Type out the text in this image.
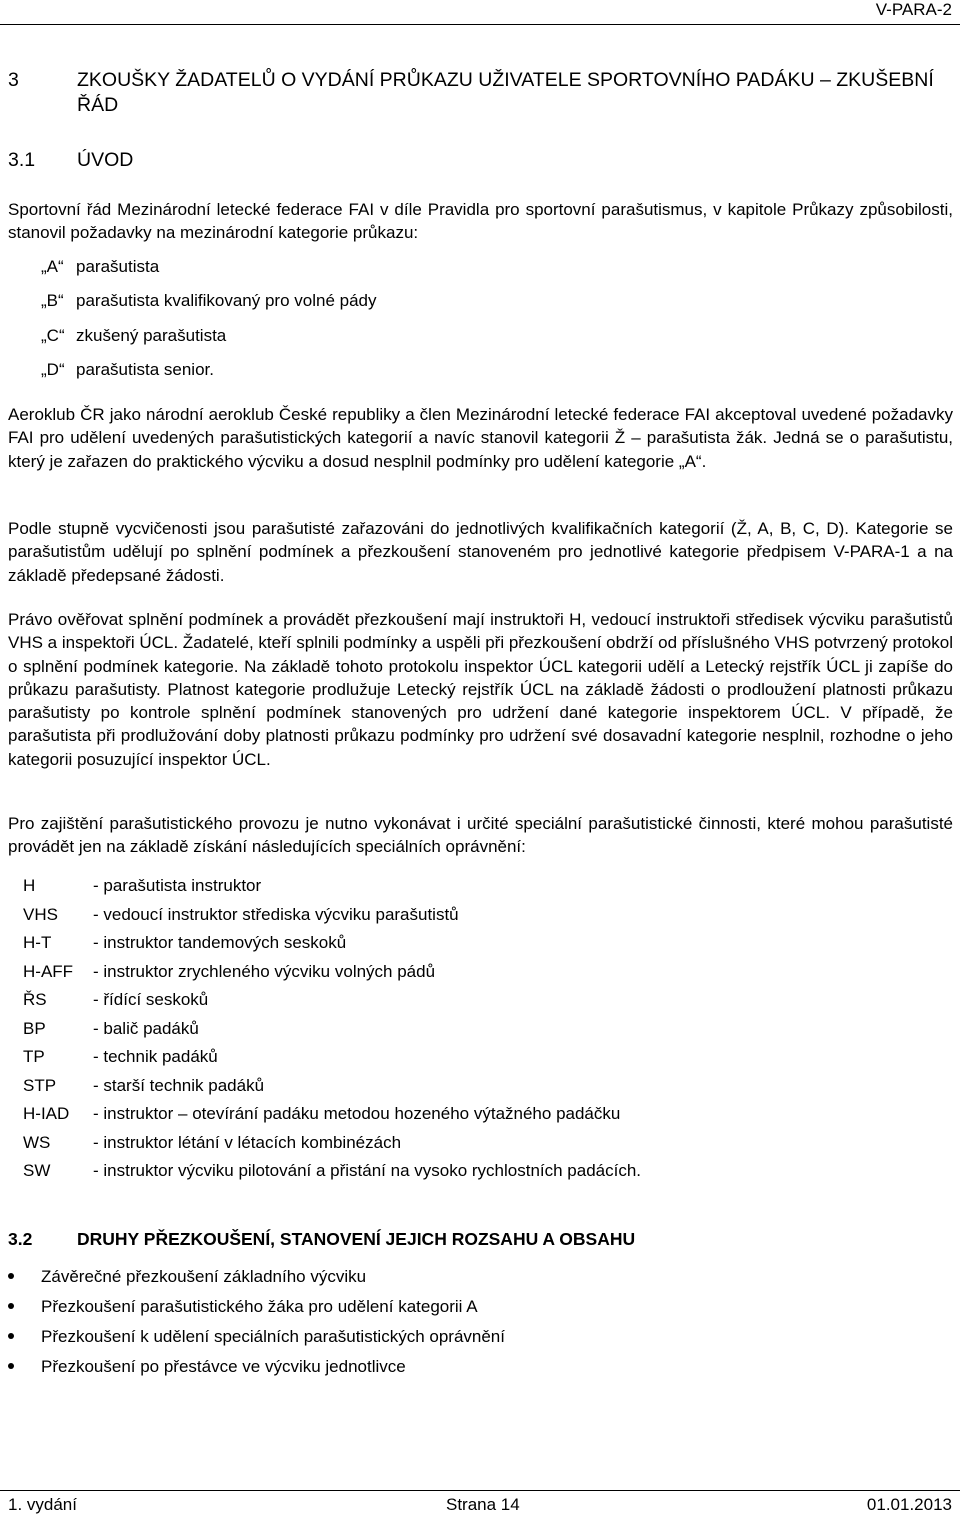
V-PARA-2
3	ZKOUŠKY ŽADATELŮ O VYDÁNÍ PRŮKAZU UŽIVATELE SPORTOVNÍHO PADÁKU – ZKUŠEBNÍ ŘÁD
3.1 ÚVOD
Sportovní řád Mezinárodní letecké federace FAI v díle Pravidla pro sportovní parašutismus, v kapitole Průkazy způsobilosti, stanovil požadavky na mezinárodní kategorie průkazu:
„A“ parašutista
„B“ parašutista kvalifikovaný pro volné pády
„C“ zkušený parašutista
„D“ parašutista senior.
Aeroklub ČR jako národní aeroklub České republiky a člen Mezinárodní letecké federace FAI akceptoval uvedené požadavky FAI pro udělení uvedených parašutistických kategorií a navíc stanovil kategorii Ž – parašutista žák. Jedná se o parašutistu, který je zařazen do praktického výcviku a dosud nesplnil podmínky pro udělení kategorie „A“.
Podle stupně vycvičenosti jsou parašutisté zařazováni do jednotlivých kvalifikačních kategorií (Ž, A, B, C, D). Kategorie se parašutistům udělují po splnění podmínek a přezkoušení stanoveném pro jednotlivé kategorie předpisem V-PARA-1 a na základě předepsané žádosti.
Právo ověřovat splnění podmínek a provádět přezkoušení mají instruktoři H, vedoucí instruktoři středisek výcviku parašutistů VHS a inspektoři ÚCL. Žadatelé, kteří splnili podmínky a uspěli při přezkoušení obdrží od příslušného VHS potvrzený protokol o splnění podmínek kategorie. Na základě tohoto protokolu inspektor ÚCL kategorii udělí a Letecký rejstřík ÚCL ji zapíše do průkazu parašutisty. Platnost kategorie prodlužuje Letecký rejstřík ÚCL na základě žádosti o prodloužení platnosti průkazu parašutisty po kontrole splnění podmínek stanovených pro udržení dané kategorie inspektorem ÚCL. V případě, že parašutista při prodlužování doby platnosti průkazu podmínky pro udržení své dosavadní kategorie nesplnil, rozhodne o jeho kategorii posuzující inspektor ÚCL.
Pro zajištění parašutistického provozu je nutno vykonávat i určité speciální parašutistické činnosti, které mohou parašutisté provádět jen na základě získání následujících speciálních oprávnění:
H	- parašutista instruktor
VHS - vedoucí instruktor střediska výcviku parašutistů
H-T - instruktor tandemových seskoků
H-AFF - instruktor zrychleného výcviku volných pádů
ŘS	- řídící seskoků
BP	- balič padáků
TP	- technik padáků
STP - starší technik padáků
H-IAD - instruktor – otevírání padáku metodou hozeného výtažného padáčku
WS	- instruktor létání v létacích kombinézách
SW	- instruktor výcviku pilotování a přistání na vysoko rychlostních padácích.
3.2	DRUHY PŘEZKOUŠENÍ, STANOVENÍ JEJICH ROZSAHU A OBSAHU
Závěrečné přezkoušení základního výcviku
Přezkoušení parašutistického žáka pro udělení kategorii A
Přezkoušení k udělení speciálních parašutistických oprávnění
Přezkoušení po přestávce ve výcviku jednotlivce
1. vydání	Strana 14	01.01.2013
